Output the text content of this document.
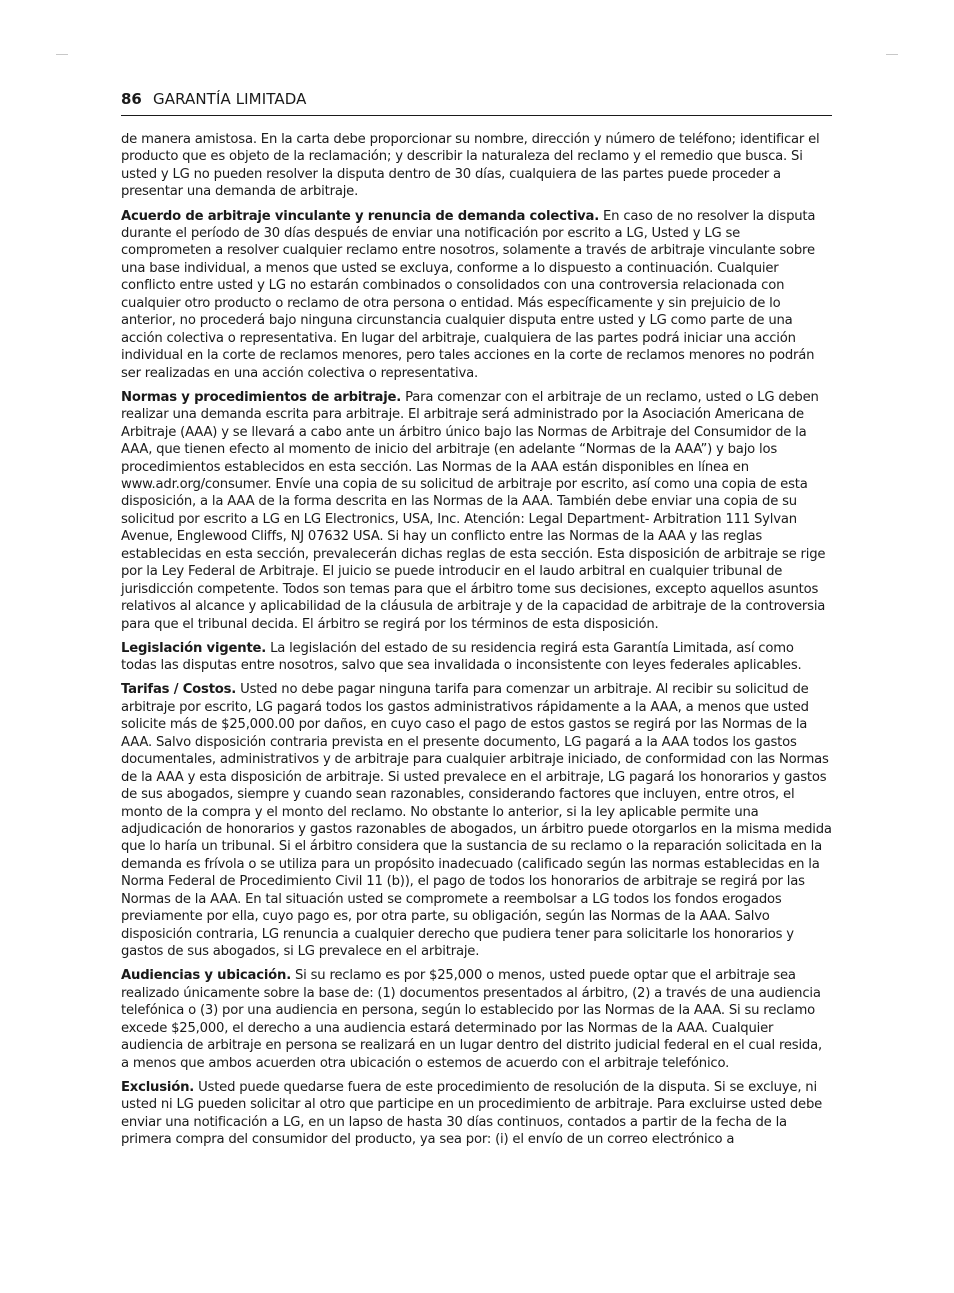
86 GARANTÍA LIMITADA

de manera amistosa. En la carta debe proporcionar su nombre, dirección y número de teléfono; identificar el producto que es objeto de la reclamación; y describir la naturaleza del reclamo y el remedio que busca. Si usted y LG no pueden resolver la disputa dentro de 30 días, cualquiera de las partes puede proceder a presentar una demanda de arbitraje.

Acuerdo de arbitraje vinculante y renuncia de demanda colectiva. En caso de no resolver la disputa durante el período de 30 días después de enviar una notificación por escrito a LG, Usted y LG se comprometen a resolver cualquier reclamo entre nosotros, solamente a través de arbitraje vinculante sobre una base individual, a menos que usted se excluya, conforme a lo dispuesto a continuación. Cualquier conflicto entre usted y LG no estarán combinados o consolidados con una controversia relacionada con cualquier otro producto o reclamo de otra persona o entidad. Más específicamente y sin prejuicio de lo anterior, no procederá bajo ninguna circunstancia cualquier disputa entre usted y LG como parte de una acción colectiva o representativa. En lugar del arbitraje, cualquiera de las partes podrá iniciar una acción individual en la corte de reclamos menores, pero tales acciones en la corte de reclamos menores no podrán ser realizadas en una acción colectiva o representativa.

Normas y procedimientos de arbitraje. Para comenzar con el arbitraje de un reclamo, usted o LG deben realizar una demanda escrita para arbitraje. El arbitraje será administrado por la Asociación Americana de Arbitraje (AAA) y se llevará a cabo ante un árbitro único bajo las Normas de Arbitraje del Consumidor de la AAA, que tienen efecto al momento de inicio del arbitraje (en adelante “Normas de la AAA”) y bajo los procedimientos establecidos en esta sección. Las Normas de la AAA están disponibles en línea en www.adr.org/consumer. Envíe una copia de su solicitud de arbitraje por escrito, así como una copia de esta disposición, a la AAA de la forma descrita en las Normas de la AAA. También debe enviar una copia de su solicitud por escrito a LG en LG Electronics, USA, Inc. Atención: Legal Department- Arbitration 111 Sylvan Avenue, Englewood Cliffs, NJ 07632 USA. Si hay un conflicto entre las Normas de la AAA y las reglas establecidas en esta sección, prevalecerán dichas reglas de esta sección. Esta disposición de arbitraje se rige por la Ley Federal de Arbitraje. El juicio se puede introducir en el laudo arbitral en cualquier tribunal de jurisdicción competente. Todos son temas para que el árbitro tome sus decisiones, excepto aquellos asuntos relativos al alcance y aplicabilidad de la cláusula de arbitraje y de la capacidad de arbitraje de la controversia para que el tribunal decida. El árbitro se regirá por los términos de esta disposición.

Legislación vigente. La legislación del estado de su residencia regirá esta Garantía Limitada, así como todas las disputas entre nosotros, salvo que sea invalidada o inconsistente con leyes federales aplicables.

Tarifas / Costos. Usted no debe pagar ninguna tarifa para comenzar un arbitraje. Al recibir su solicitud de arbitraje por escrito, LG pagará todos los gastos administrativos rápidamente a la AAA, a menos que usted solicite más de $25,000.00 por daños, en cuyo caso el pago de estos gastos se regirá por las Normas de la AAA. Salvo disposición contraria prevista en el presente documento, LG pagará a la AAA todos los gastos documentales, administrativos y de arbitraje para cualquier arbitraje iniciado, de conformidad con las Normas de la AAA y esta disposición de arbitraje. Si usted prevalece en el arbitraje, LG pagará los honorarios y gastos de sus abogados, siempre y cuando sean razonables, considerando factores que incluyen, entre otros, el monto de la compra y el monto del reclamo. No obstante lo anterior, si la ley aplicable permite una adjudicación de honorarios y gastos razonables de abogados, un árbitro puede otorgarlos en la misma medida que lo haría un tribunal. Si el árbitro considera que la sustancia de su reclamo o la reparación solicitada en la demanda es frívola o se utiliza para un propósito inadecuado (calificado según las normas establecidas en la Norma Federal de Procedimiento Civil 11 (b)), el pago de todos los honorarios de arbitraje se regirá por las Normas de la AAA. En tal situación usted se compromete a reembolsar a LG todos los fondos erogados previamente por ella, cuyo pago es, por otra parte, su obligación, según las Normas de la AAA. Salvo disposición contraria, LG renuncia a cualquier derecho que pudiera tener para solicitarle los honorarios y gastos de sus abogados, si LG prevalece en el arbitraje.

Audiencias y ubicación. Si su reclamo es por $25,000 o menos, usted puede optar que el arbitraje sea realizado únicamente sobre la base de: (1) documentos presentados al árbitro, (2) a través de una audiencia telefónica o (3) por una audiencia en persona, según lo establecido por las Normas de la AAA. Si su reclamo excede $25,000, el derecho a una audiencia estará determinado por las Normas de la AAA. Cualquier audiencia de arbitraje en persona se realizará en un lugar dentro del distrito judicial federal en el cual resida, a menos que ambos acuerden otra ubicación o estemos de acuerdo con el arbitraje telefónico.

Exclusión. Usted puede quedarse fuera de este procedimiento de resolución de la disputa. Si se excluye, ni usted ni LG pueden solicitar al otro que participe en un procedimiento de arbitraje. Para excluirse usted debe enviar una notificación a LG, en un lapso de hasta 30 días continuos, contados a partir de la fecha de la primera compra del consumidor del producto, ya sea por: (i) el envío de un correo electrónico a
